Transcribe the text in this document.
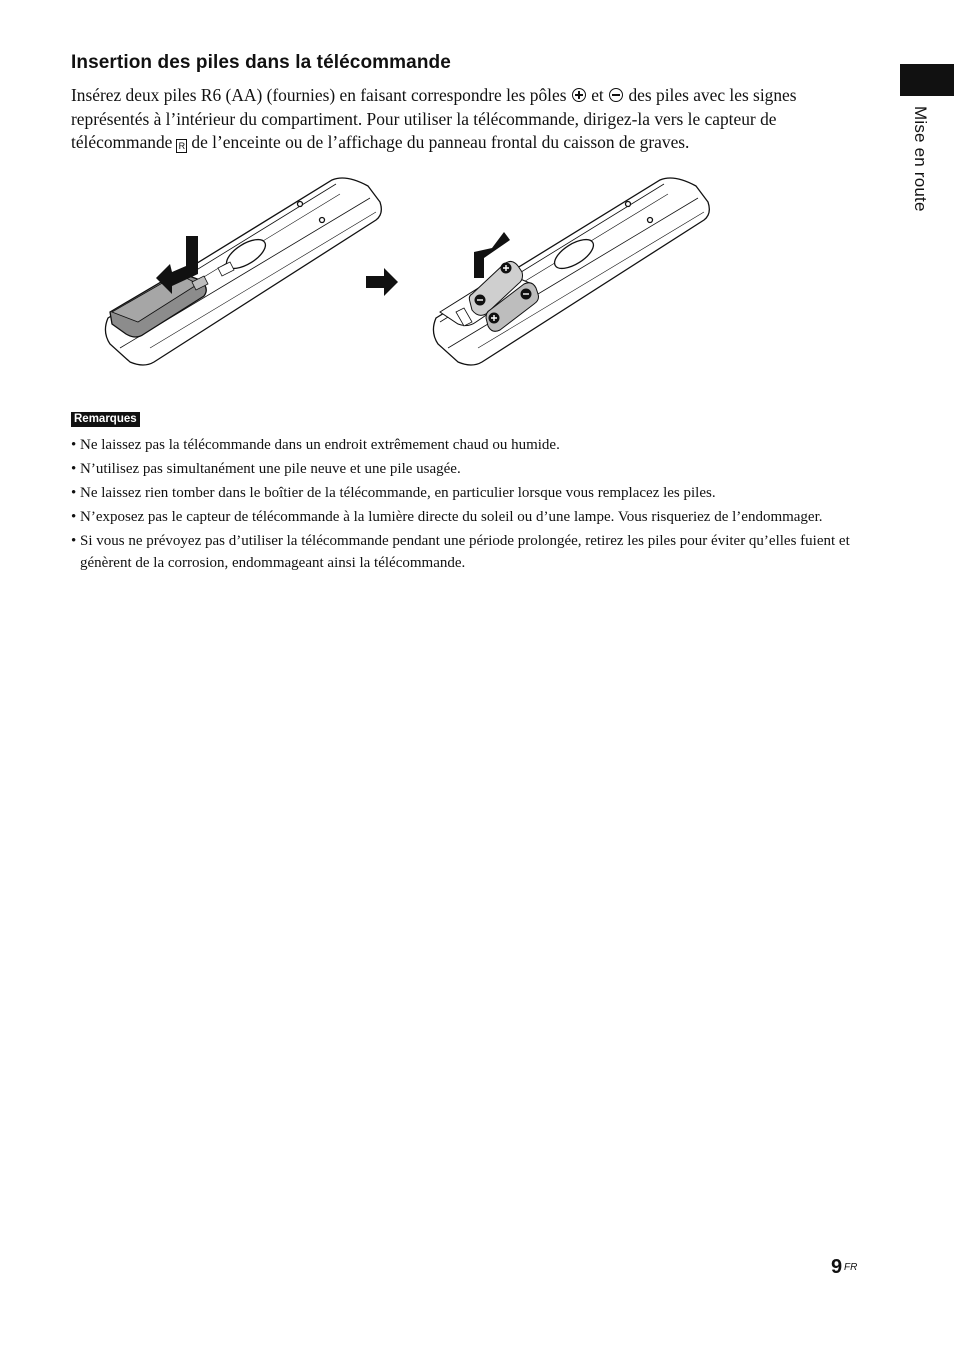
Mise en route
Insertion des piles dans la télécommande
Insérez deux piles R6 (AA) (fournies) en faisant correspondre les pôles et des piles avec les signes représentés à l’intérieur du compartiment. Pour utiliser la télécommande, dirigez-la vers le capteur de télécommande R de l’enceinte ou de l’affichage du panneau frontal du caisson de graves.
Remarques
• Ne laissez pas la télécommande dans un endroit extrêmement chaud ou humide.
• N’utilisez pas simultanément une pile neuve et une pile usagée.
• Ne laissez rien tomber dans le boîtier de la télécommande, en particulier lorsque vous remplacez les piles.
• N’exposez pas le capteur de télécommande à la lumière directe du soleil ou d’une lampe. Vous risqueriez de l’endommager.
• Si vous ne prévoyez pas d’utiliser la télécommande pendant une période prolongée, retirez les piles pour éviter qu’elles fuient et génèrent de la corrosion, endommageant ainsi la télécommande.
9 FR
